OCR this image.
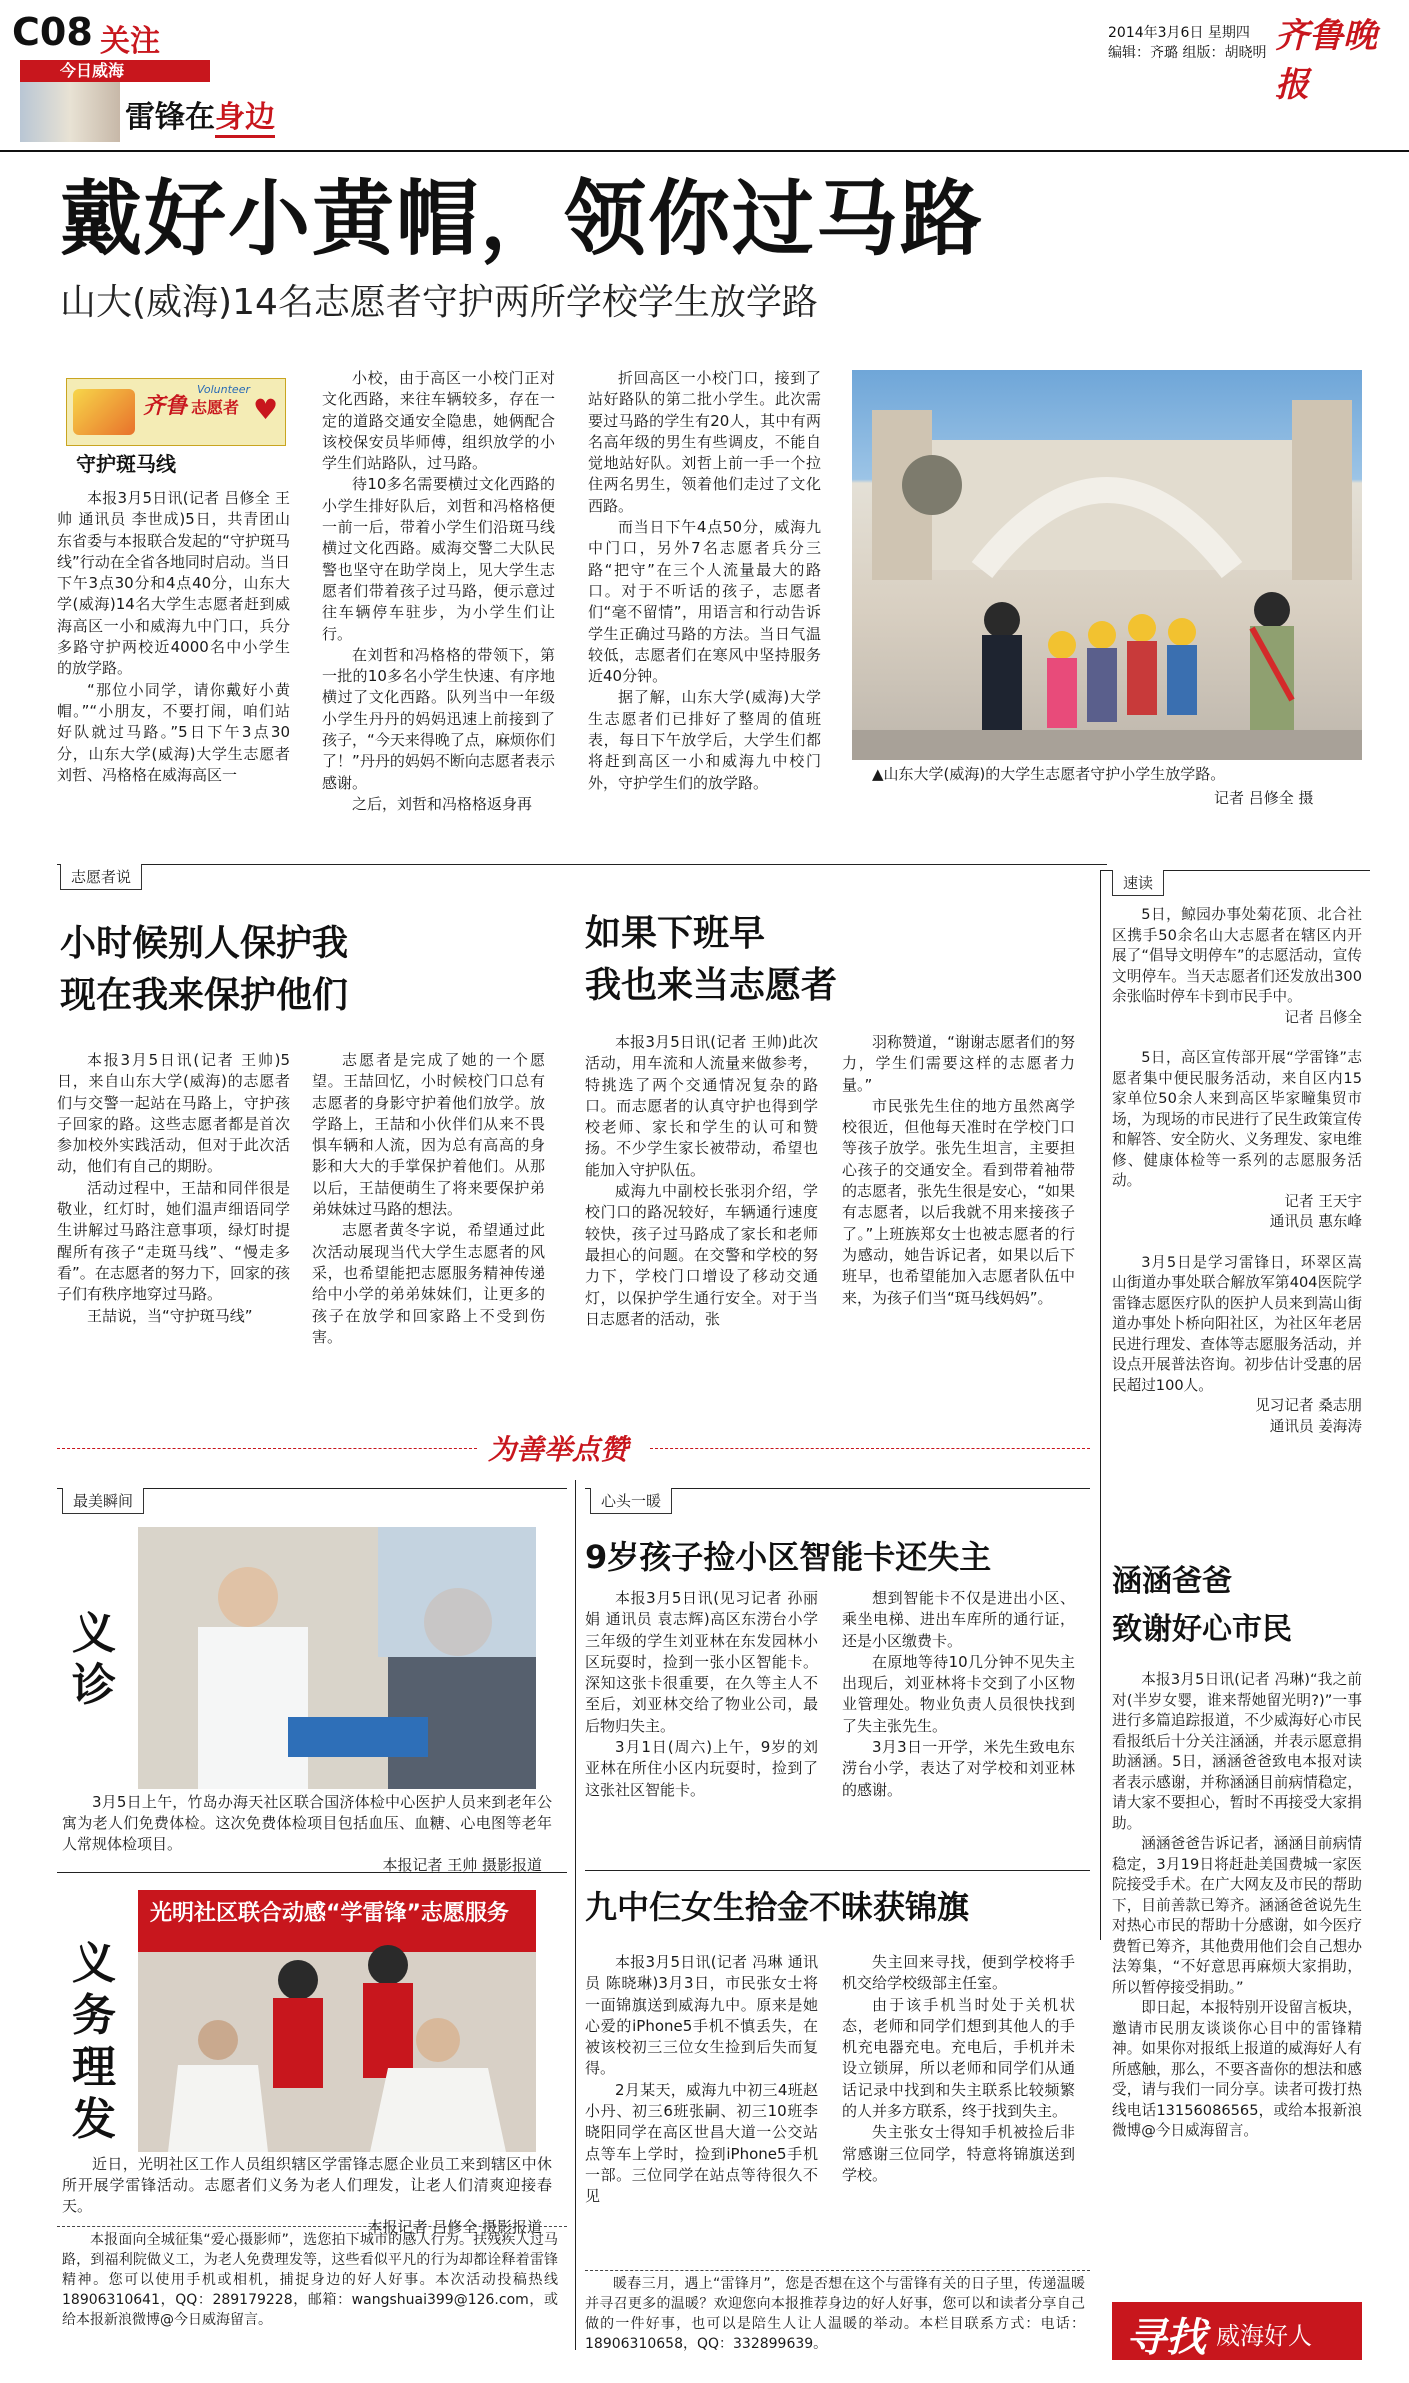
C08 关注
今日威海
雷锋在身边
2014年3月6日 星期四
编辑：齐璐 组版：胡晓明 齐鲁晚报
戴好小黄帽，领你过马路
山大(威海)14名志愿者守护两所学校学生放学路
齐鲁 志愿者
Volunteer
♥
守护斑马线

本报3月5日讯(记者 吕修全 王帅 通讯员 李世成)5日，共青团山东省委与本报联合发起的“守护斑马线”行动在全省各地同时启动。当日下午3点30分和4点40分，山东大学(威海)14名大学生志愿者赶到威海高区一小和威海九中门口，兵分多路守护两校近4000名中小学生的放学路。

“那位小同学，请你戴好小黄帽。”“小朋友，不要打闹，咱们站好队就过马路。”5日下午3点30分，山东大学(威海)大学生志愿者刘哲、冯格格在威海高区一

小校，由于高区一小校门正对文化西路，来往车辆较多，存在一定的道路交通安全隐患，她俩配合该校保安员毕师傅，组织放学的小学生们站路队，过马路。

待10多名需要横过文化西路的小学生排好队后，刘哲和冯格格便一前一后，带着小学生们沿斑马线横过文化西路。威海交警二大队民警也坚守在助学岗上，见大学生志愿者们带着孩子过马路，便示意过往车辆停车驻步，为小学生们让行。

在刘哲和冯格格的带领下，第一批的10多名小学生快速、有序地横过了文化西路。队列当中一年级小学生丹丹的妈妈迅速上前接到了孩子，“今天来得晚了点，麻烦你们了！”丹丹的妈妈不断向志愿者表示感谢。

之后，刘哲和冯格格返身再

折回高区一小校门口，接到了站好路队的第二批小学生。此次需要过马路的学生有20人，其中有两名高年级的男生有些调皮，不能自觉地站好队。刘哲上前一手一个拉住两名男生，领着他们走过了文化西路。

而当日下午4点50分，威海九中门口，另外7名志愿者兵分三路“把守”在三个人流量最大的路口。对于不听话的孩子，志愿者们“毫不留情”，用语言和行动告诉学生正确过马路的方法。当日气温较低，志愿者们在寒风中坚持服务近40分钟。

据了解，山东大学(威海)大学生志愿者们已排好了整周的值班表，每日下午放学后，大学生们都将赶到高区一小和威海九中校门外，守护学生们的放学路。	▲山东大学(威海)的大学生志愿者守护小学生放学路。
记者 吕修全 摄
志愿者说
小时候别人保护我
现在我来保护他们

本报3月5日讯(记者 王帅)5日，来自山东大学(威海)的志愿者们与交警一起站在马路上，守护孩子回家的路。这些志愿者都是首次参加校外实践活动，但对于此次活动，他们有自己的期盼。

活动过程中，王喆和同伴很是敬业，红灯时，她们温声细语同学生讲解过马路注意事项，绿灯时提醒所有孩子“走斑马线”、“慢走多看”。在志愿者的努力下，回家的孩子们有秩序地穿过马路。

王喆说，当“守护斑马线”

志愿者是完成了她的一个愿望。王喆回忆，小时候校门口总有志愿者的身影守护着他们放学。放学路上，王喆和小伙伴们从来不畏惧车辆和人流，因为总有高高的身影和大大的手掌保护着他们。从那以后，王喆便萌生了将来要保护弟弟妹妹过马路的想法。

志愿者黄冬字说，希望通过此次活动展现当代大学生志愿者的风采，也希望能把志愿服务精神传递给中小学的弟弟妹妹们，让更多的孩子在放学和回家路上不受到伤害。

如果下班早
我也来当志愿者

本报3月5日讯(记者 王帅)此次活动，用车流和人流量来做参考，特挑选了两个交通情况复杂的路口。而志愿者的认真守护也得到学校老师、家长和学生的认可和赞扬。不少学生家长被带动，希望也能加入守护队伍。

威海九中副校长张羽介绍，学校门口的路况较好，车辆通行速度较快，孩子过马路成了家长和老师最担心的问题。在交警和学校的努力下，学校门口增设了移动交通灯，以保护学生通行安全。对于当日志愿者的活动，张

羽称赞道，“谢谢志愿者们的努力，学生们需要这样的志愿者力量。”

市民张先生住的地方虽然离学校很近，但他每天准时在学校门口等孩子放学。张先生坦言，主要担心孩子的交通安全。看到带着袖带的志愿者，张先生很是安心，“如果有志愿者，以后我就不用来接孩子了。”上班族郑女士也被志愿者的行为感动，她告诉记者，如果以后下班早，也希望能加入志愿者队伍中来，为孩子们当“斑马线妈妈”。

速读

5日，鲸园办事处菊花顶、北合社区携手50余名山大志愿者在辖区内开展了“倡导文明停车”的志愿活动，宣传文明停车。当天志愿者们还发放出300余张临时停车卡到市民手中。

记者 吕修全

5日，高区宣传部开展“学雷锋”志愿者集中便民服务活动，来自区内15家单位50余人来到高区毕家疃集贸市场，为现场的市民进行了民生政策宣传和解答、安全防火、义务理发、家电维修、健康体检等一系列的志愿服务活动。

记者 王天宇
通讯员 惠东峰

3月5日是学习雷锋日，环翠区嵩山街道办事处联合解放军第404医院学雷锋志愿医疗队的医护人员来到嵩山街道办事处卜桥向阳社区，为社区年老居民进行理发、查体等志愿服务活动，并设点开展普法咨询。初步估计受惠的居民超过100人。

见习记者 桑志朋
通讯员 姜海涛
为善举点赞
最美瞬间
义诊
3月5日上午，竹岛办海天社区联合国济体检中心医护人员来到老年公寓为老人们免费体检。这次免费体检项目包括血压、血糖、心电图等老年人常规体检项目。
本报记者 王帅 摄影报道
义务理发
光明社区联合动感“学雷锋”志愿服务
近日，光明社区工作人员组织辖区学雷锋志愿企业员工来到辖区中休所开展学雷锋活动。志愿者们义务为老人们理发，让老人们清爽迎接春天。
本报记者 吕修全 摄影报道
本报面向全城征集“爱心摄影师”，选您拍下城市的感人行为。扶残疾人过马路，到福利院做义工，为老人免费理发等，这些看似平凡的行为却都诠释着雷锋精神。您可以使用手机或相机，捕捉身边的好人好事。本次活动投稿热线18906310641，QQ：289179228，邮箱：wangshuai399@126.com，或给本报新浪微博@今日威海留言。
心头一暖
9岁孩子捡小区智能卡还失主

本报3月5日讯(见习记者 孙丽娟 通讯员 袁志辉)高区东涝台小学三年级的学生刘亚林在东发园林小区玩耍时，捡到一张小区智能卡。深知这张卡很重要，在久等主人不至后，刘亚林交给了物业公司，最后物归失主。

3月1日(周六)上午，9岁的刘亚林在所住小区内玩耍时，捡到了这张社区智能卡。

想到智能卡不仅是进出小区、乘坐电梯、进出车库所的通行证，还是小区缴费卡。

在原地等待10几分钟不见失主出现后，刘亚林将卡交到了小区物业管理处。物业负责人员很快找到了失主张先生。

3月3日一开学，米先生致电东涝台小学，表达了对学校和刘亚林的感谢。

九中仨女生拾金不昧获锦旗

本报3月5日讯(记者 冯琳 通讯员 陈晓琳)3月3日，市民张女士将一面锦旗送到威海九中。原来是她心爱的iPhone5手机不慎丢失，在被该校初三三位女生捡到后失而复得。

2月某天，威海九中初三4班赵小丹、初三6班张嗣、初三10班李晓阳同学在高区世昌大道一公交站点等车上学时，捡到iPhone5手机一部。三位同学在站点等待很久不见

失主回来寻找，便到学校将手机交给学校级部主任室。

由于该手机当时处于关机状态，老师和同学们想到其他人的手机充电器充电。充电后，手机并未设立锁屏，所以老师和同学们从通话记录中找到和失主联系比较频繁的人并多方联系，终于找到失主。

失主张女士得知手机被捡后非常感谢三位同学，特意将锦旗送到学校。

暖春三月，遇上“雷锋月”，您是否想在这个与雷锋有关的日子里，传递温暖并寻召更多的温暖？欢迎您向本报推荐身边的好人好事，您可以和读者分享自己做的一件好事，也可以是陪生人让人温暖的举动。本栏目联系方式：电话：18906310658，QQ：332899639。
涵涵爸爸
致谢好心市民

本报3月5日讯(记者 冯琳)“我之前对(半岁女婴，谁来帮她留光明?)”一事进行多篇追踪报道，不少威海好心市民看报纸后十分关注涵涵，并表示愿意捐助涵涵。5日，涵涵爸爸致电本报对读者表示感谢，并称涵涵目前病情稳定，请大家不要担心，暂时不再接受大家捐助。

涵涵爸爸告诉记者，涵涵目前病情稳定，3月19日将赶赴美国费城一家医院接受手术。在广大网友及市民的帮助下，目前善款已筹齐。涵涵爸爸说先生对热心市民的帮助十分感谢，如今医疗费暂已筹齐，其他费用他们会自己想办法筹集，“不好意思再麻烦大家捐助，所以暂停接受捐助。”

即日起，本报特别开设留言板块，邀请市民朋友谈谈你心目中的雷锋精神。如果你对报纸上报道的威海好人有所感触，那么，不要吝啬你的想法和感受，请与我们一同分享。读者可拨打热线电话13156086565，或给本报新浪微博@今日威海留言。

寻找 威海好人
